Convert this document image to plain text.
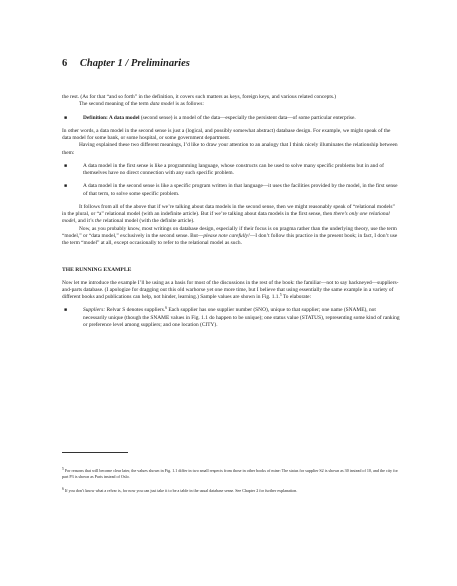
6 Chapter 1 / Preliminaries

the rest. (As for that “and so forth” in the definition, it covers such matters as keys, foreign keys, and various related concepts.)

The second meaning of the term data model is as follows:

■	Definition: A data model (second sense) is a model of the data—especially the persistent data—of some particular enterprise.

In other words, a data model in the second sense is just a (logical, and possibly somewhat abstract) database design. For example, we might speak of the data model for some bank, or some hospital, or some government department.

Having explained these two different meanings, I’d like to draw your attention to an analogy that I think nicely illuminates the relationship between them:

■	A data model in the first sense is like a programming language, whose constructs can be used to solve many specific problems but in and of themselves have no direct connection with any such specific problem.
■	A data model in the second sense is like a specific program written in that language—it uses the facilities provided by the model, in the first sense of that term, to solve some specific problem.

It follows from all of the above that if we’re talking about data models in the second sense, then we might reasonably speak of “relational models” in the plural, or “a” relational model (with an indefinite article). But if we’re talking about data models in the first sense, then there’s only one relational model, and it’s the relational model (with the definite article).

Now, as you probably know, most writings on database design, especially if their focus is on pragma rather than the underlying theory, use the term “model,” or “data model,” exclusively in the second sense. But—please note carefully!—I don’t follow this practice in the present book; in fact, I don’t use the term “model” at all, except occasionally to refer to the relational model as such.

THE RUNNING EXAMPLE

Now let me introduce the example I’ll be using as a basis for most of the discussions in the rest of the book: the familiar—not to say hackneyed—suppliers-and-parts database. (I apologize for dragging out this old warhorse yet one more time, but I believe that using essentially the same example in a variety of different books and publications can help, not hinder, learning.) Sample values are shown in Fig. 1.1.$^5$ To elaborate:

■	Suppliers: Relvar S denotes suppliers.$^6$ Each supplier has one supplier number (SNO), unique to that supplier; one name (SNAME), not necessarily unique (though the SNAME values in Fig. 1.1 do happen to be unique); one status value (STATUS), representing some kind of ranking or preference level among suppliers; and one location (CITY).
$^5$ For reasons that will become clear later, the values shown in Fig. 1.1 differ in two small respects from those in other books of mine: The status for supplier S2 is shown as 30 instead of 10, and the city for part P3 is shown as Paris instead of Oslo.
$^6$ If you don’t know what a relvar is, for now you can just take it to be a table in the usual database sense. See Chapter 2 for further explanation.
